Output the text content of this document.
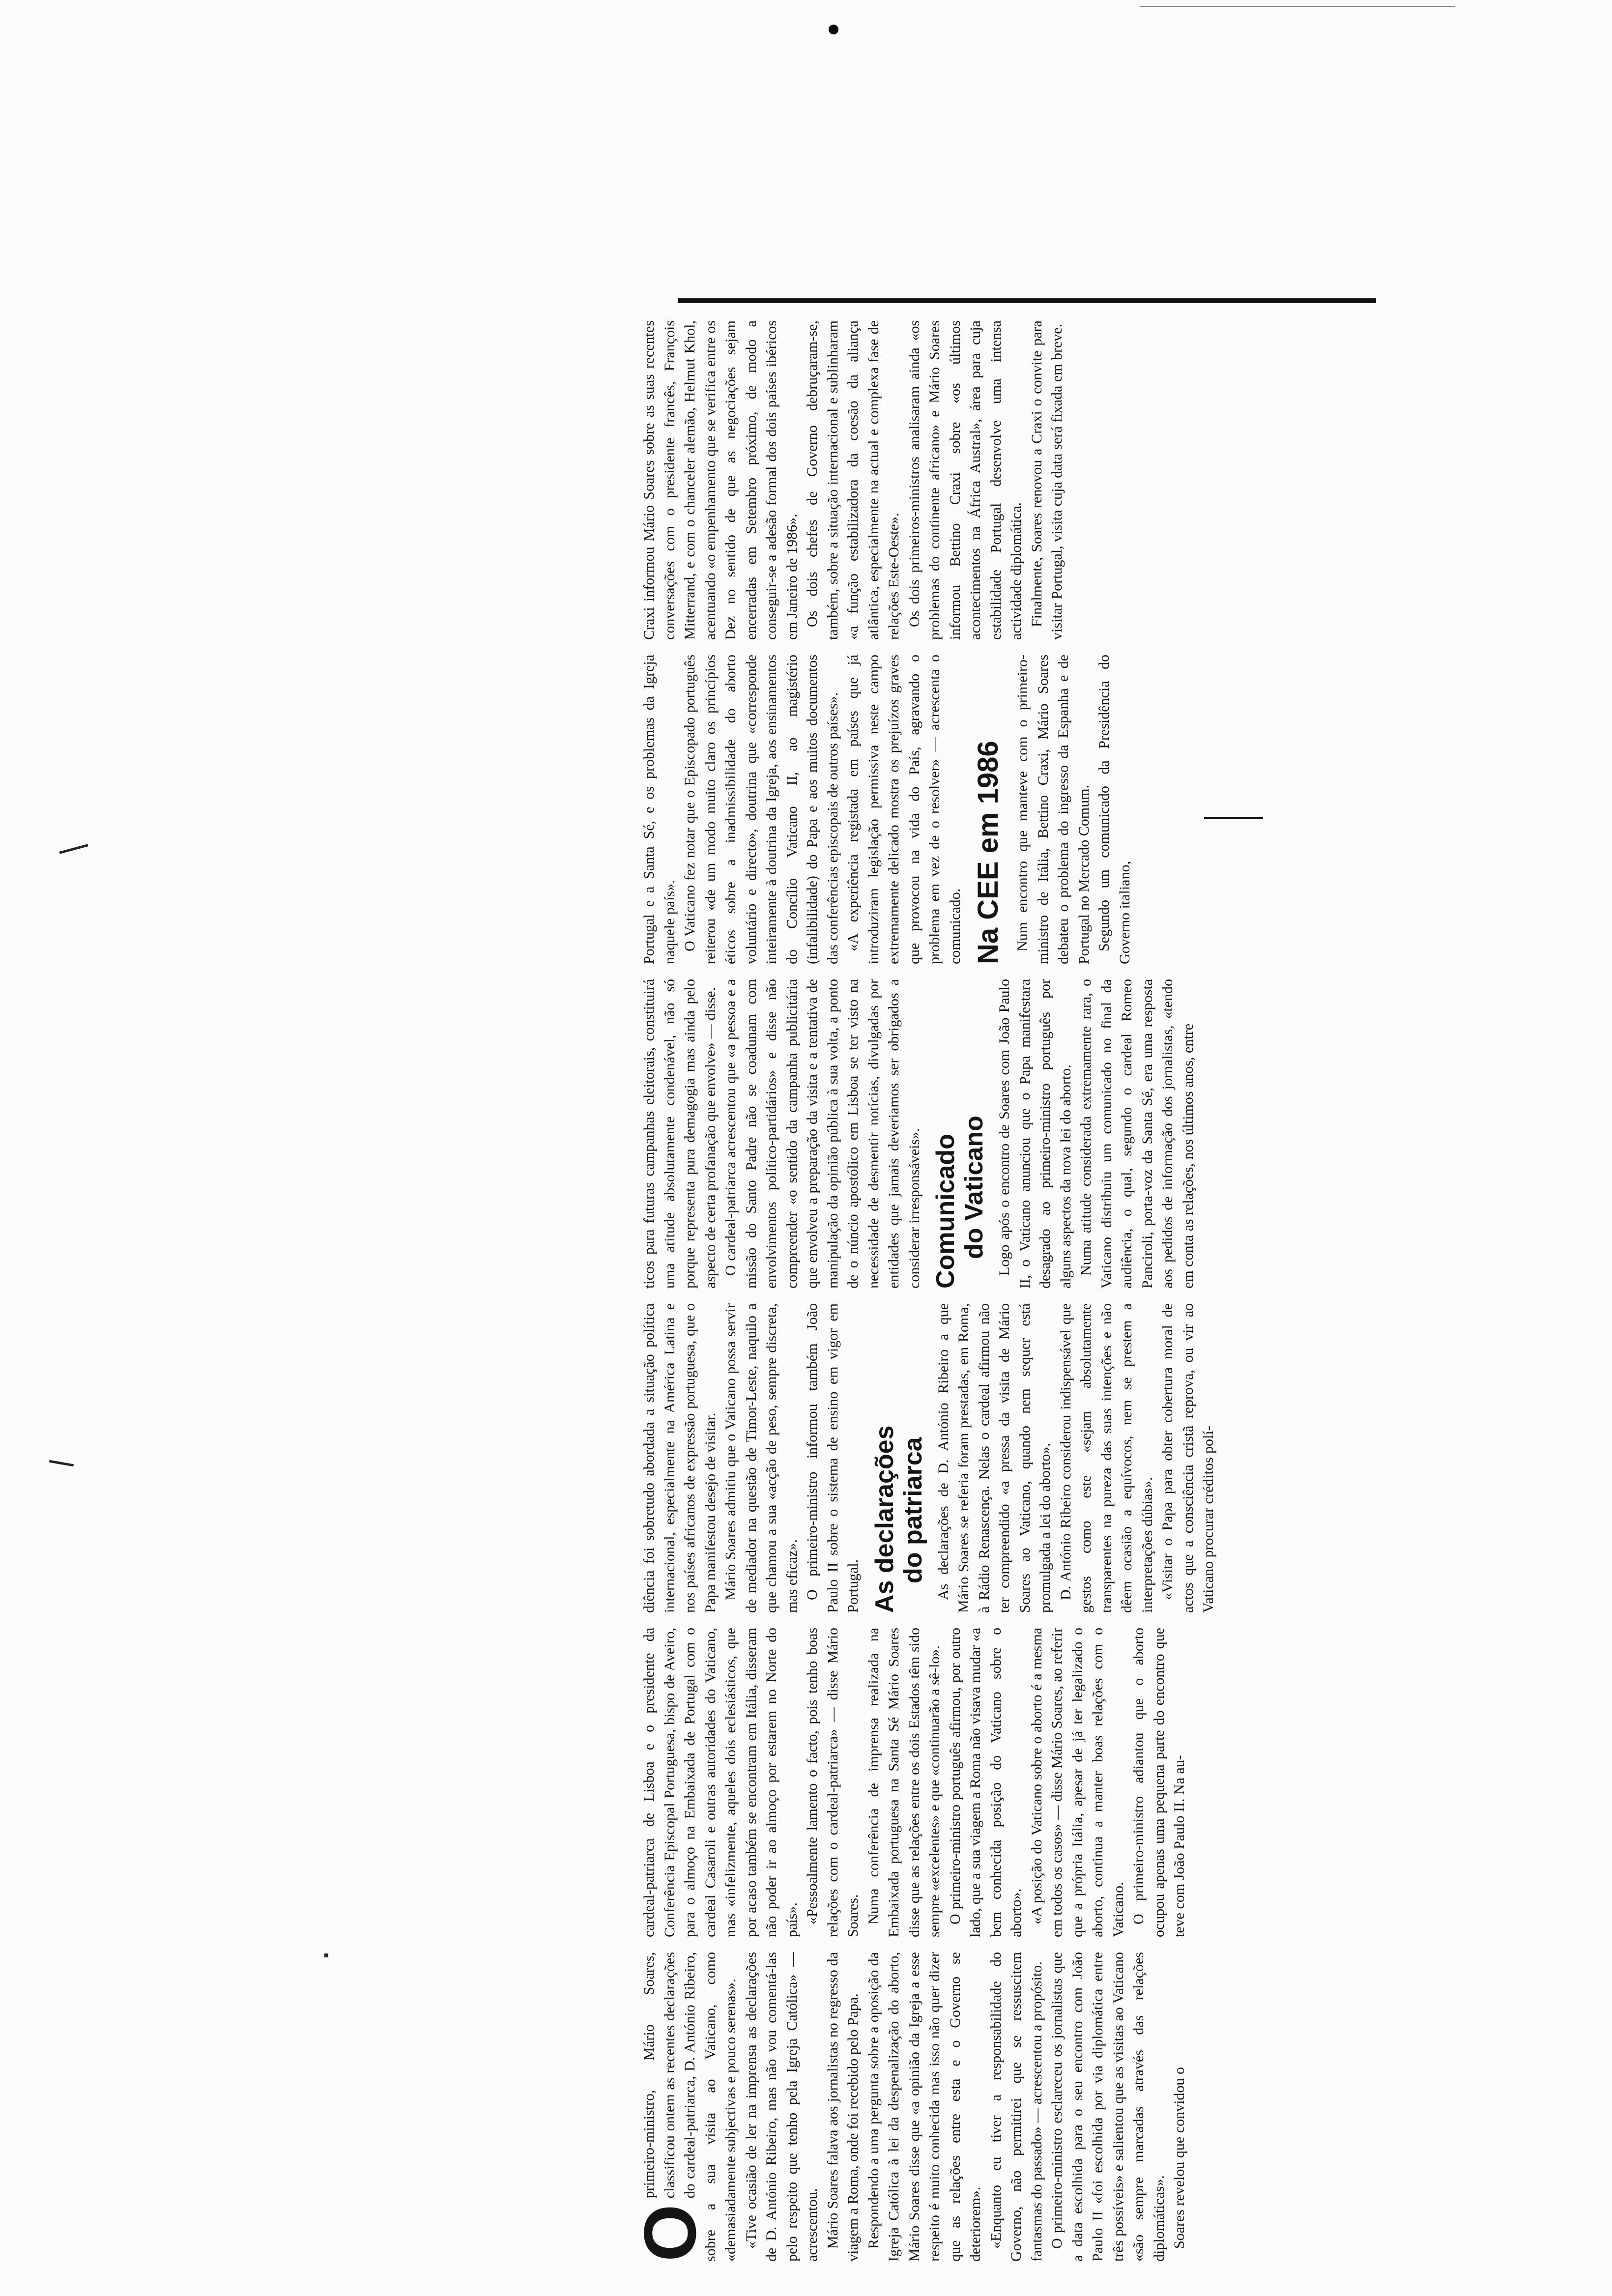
O
primeiro-ministro, Mário Soares, classificou ontem as recentes declarações do cardeal-patriarca, D. António Ribeiro, sobre a sua visita ao Vaticano, como «demasiadamente subjectivas e pouco serenas». «Tive ocasião de ler na imprensa as declarações de D. António Ribeiro, mas não vou comentá-las pelo respeito que tenho pela Igreja Católica» — acrescentou. Mário Soares falava aos jornalistas no regresso da viagem a Roma, onde foi recebido pelo Papa. Respondendo a uma pergunta sobre a oposição da Igreja Católica à lei da despenalização do aborto, Mário Soares disse que «a opinião da Igreja a esse respeito é muito conhecida mas isso não quer dizer que as relações entre esta e o Governo se deteriorem». «Enquanto eu tiver a responsabilidade do Governo, não permitirei que se ressuscitem fantasmas do passado» — acrescentou a propósito. O primeiro-ministro esclareceu os jornalistas que a data escolhida para o seu encontro com João Paulo II «foi escolhida por via diplomática entre três possíveis» e salientou que as visitas ao Vaticano «são sempre marcadas através das relações diplomáticas». Soares revelou que convidou o

cardeal-patriarca de Lisboa e o presidente da Conferência Episcopal Portuguesa, bispo de Aveiro, para o almoço na Embaixada de Portugal com o cardeal Casaroli e outras autoridades do Vaticano, mas «infelizmente, aqueles dois eclesiásticos, que por acaso também se encontram em Itália, disseram não poder ir ao almoço por estarem no Norte do país». «Pessoalmente lamento o facto, pois tenho boas relações com o cardeal-patriarca» — disse Mário Soares. Numa conferência de imprensa realizada na Embaixada portuguesa na Santa Sé Mário Soares disse que as relações entre os dois Estados têm sido sempre «excelentes» e que «continuarão a sê-lo». O primeiro-ministro português afirmou, por outro lado, que a sua viagem a Roma não visava mudar «a bem conhecida posição do Vaticano sobre o aborto». «A posição do Vaticano sobre o aborto é a mesma em todos os casos» — disse Mário Soares, ao referir que a própria Itália, apesar de já ter legalizado o aborto, continua a manter boas relações com o Vaticano. O primeiro-ministro adiantou que o aborto ocupou apenas uma pequena parte do encontro que teve com João Paulo II. Na au-

diência foi sobretudo abordada a situação política internacional, especialmente na América Latina e nos países africanos de expressão portuguesa, que o Papa manifestou desejo de visitar. Mário Soares admitiu que o Vaticano possa servir de mediador na questão de Timor-Leste, naquilo a que chamou a sua «acção de peso, sempre discreta, mas eficaz». O primeiro-ministro informou também João Paulo II sobre o sistema de ensino em vigor em Portugal. As declarações do patriarca As declarações de D. António Ribeiro a que Mário Soares se referia foram prestadas, em Roma, à Rádio Renascença. Nelas o cardeal afirmou não ter compreendido «a pressa da visita de Mário Soares ao Vaticano, quando nem sequer está promulgada a lei do aborto». D. António Ribeiro considerou indispensável que gestos como este «sejam absolutamente transparentes na pureza das suas intenções e não dêem ocasião a equívocos, nem se prestem a interpretações dúbias». «Visitar o Papa para obter cobertura moral de actos que a consciência cristã reprova, ou vir ao Vaticano procurar créditos polí-

ticos para futuras campanhas eleitorais, constituirá uma atitude absolutamente condenável, não só porque representa pura demagogia mas ainda pelo aspecto de certa profanação que envolve» — disse. O cardeal-patriarca acrescentou que «a pessoa e a missão do Santo Padre não se coadunam com envolvimentos político-partidários» e disse não compreender «o sentido da campanha publicitária que envolveu a preparação da visita e a tentativa de manipulação da opinião pública à sua volta, a ponto de o núncio apostólico em Lisboa se ter visto na necessidade de desmentir notícias, divulgadas por entidades que jamais deveriamos ser obrigados a considerar irresponsáveis». Comunicado do Vaticano Logo após o encontro de Soares com João Paulo II, o Vaticano anunciou que o Papa manifestara desagrado ao primeiro-ministro português por alguns aspectos da nova lei do aborto. Numa atitude considerada extremamente rara, o Vaticano distribuiu um comunicado no final da audiência, o qual, segundo o cardeal Romeo Panciroli, porta-voz da Santa Sé, era uma resposta aos pedidos de informação dos jornalistas, «tendo em conta as relações, nos últimos anos, entre

Portugal e a Santa Sé, e os problemas da Igreja naquele país». O Vaticano fez notar que o Episcopado português reiterou «de um modo muito claro os princípios éticos sobre a inadmissibilidade do aborto voluntário e directo», doutrina que «corresponde inteiramente à doutrina da Igreja, aos ensinamentos do Concílio Vaticano II, ao magistério (infalibilidade) do Papa e aos muitos documentos das conferências episcopais de outros países». «A experiência registada em países que já introduziram legislação permissiva neste campo extremamente delicado mostra os prejuízos graves que provocou na vida do País, agravando o problema em vez de o resolver» — acrescenta o comunicado. Na CEE em 1986 Num encontro que manteve com o primeiro-ministro de Itália, Bettino Craxi, Mário Soares debateu o problema do ingresso da Espanha e de Portugal no Mercado Comum. Segundo um comunicado da Presidência do Governo italiano,

Craxi informou Mário Soares sobre as suas recentes conversações com o presidente francês, François Mitterrand, e com o chanceler alemão, Helmut Khol, acentuando «o empenhamento que se verifica entre os Dez no sentido de que as negociações sejam encerradas em Setembro próximo, de modo a conseguir-se a adesão formal dos dois países ibéricos em Janeiro de 1986». Os dois chefes de Governo debruçaram-se, também, sobre a situação internacional e sublinharam «a função estabilizadora da coesão da aliança atlântica, especialmente na actual e complexa fase de relações Este-Oeste». Os dois primeiros-ministros analisaram ainda «os problemas do continente africano» e Mário Soares informou Bettino Craxi sobre «os últimos acontecimentos na África Austral», área para cuja estabilidade Portugal desenvolve uma intensa actividade diplomática. Finalmente, Soares renovou a Craxi o convite para visitar Portugal, visita cuja data será fixada em breve.
